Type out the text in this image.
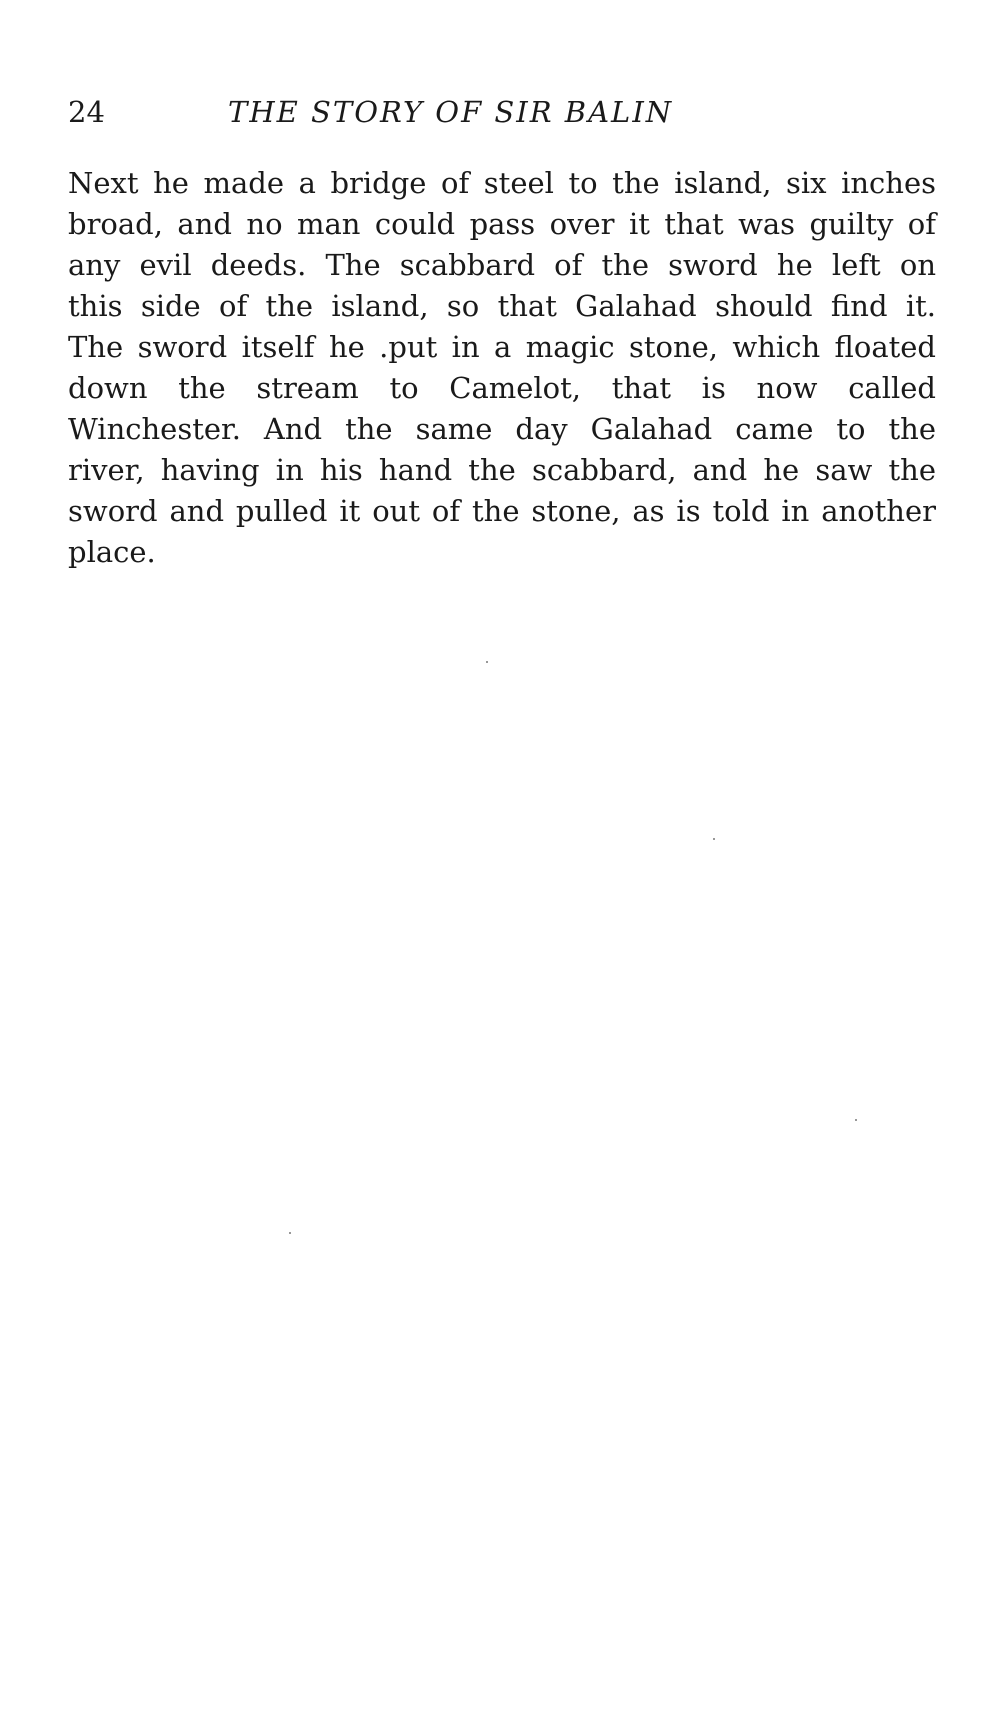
24	THE STORY OF SIR BALIN
Next he made a bridge of steel to the island, six inches
broad, and no man could pass over it that was guilty of
any evil deeds. The scabbard of the sword he left on
this side of the island, so that Galahad should find it.
The sword itself he .put in a magic stone, which floated
down the stream to Camelot, that is now called
Winchester. And the same day Galahad came to the
river, having in his hand the scabbard, and he saw the
sword and pulled it out of the stone, as is told in another
place.
